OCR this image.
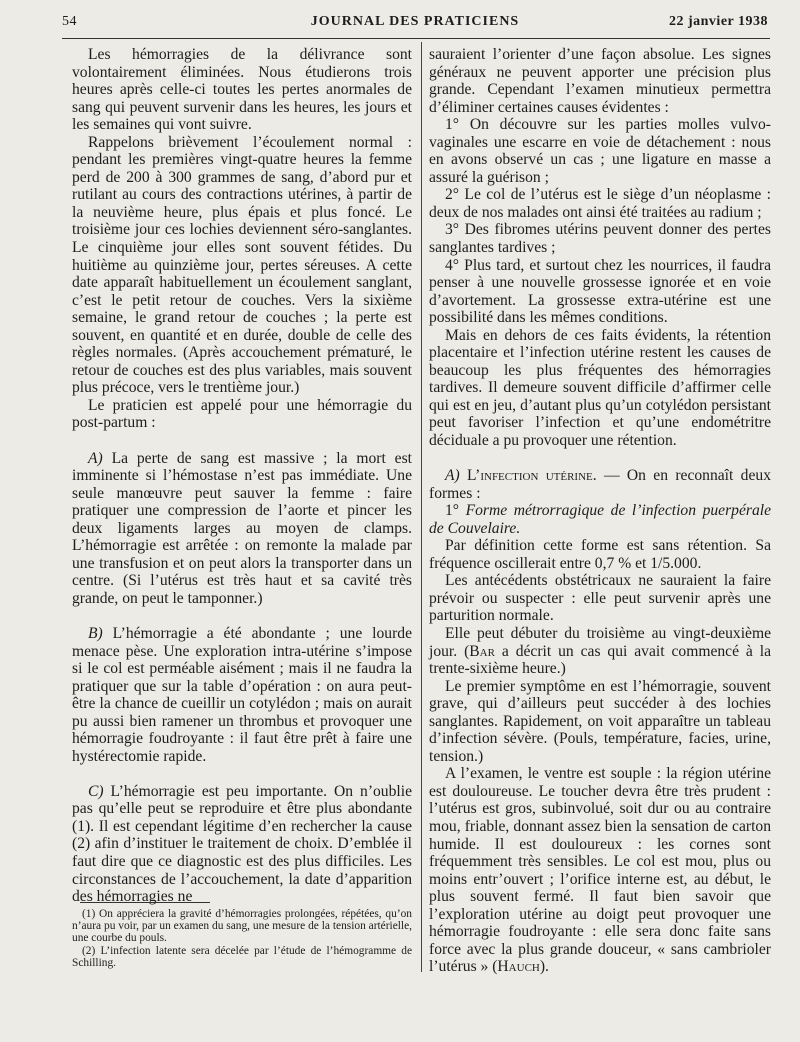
54	JOURNAL DES PRATICIENS	22 janvier 1938

Les hémorragies de la délivrance sont volontairement éliminées. Nous étudierons trois heures après celle-ci toutes les pertes anormales de sang qui peuvent survenir dans les heures, les jours et les semaines qui vont suivre.

Rappelons brièvement l’écoulement normal : pendant les premières vingt-quatre heures la femme perd de 200 à 300 grammes de sang, d’abord pur et rutilant au cours des contractions utérines, à partir de la neuvième heure, plus épais et plus foncé. Le troisième jour ces lochies deviennent séro-sanglantes. Le cinquième jour elles sont souvent fétides. Du huitième au quinzième jour, pertes séreuses. A cette date apparaît habituellement un écoulement sanglant, c’est le petit retour de couches. Vers la sixième semaine, le grand retour de couches ; la perte est souvent, en quantité et en durée, double de celle des règles normales. (Après accouchement prématuré, le retour de couches est des plus variables, mais souvent plus précoce, vers le trentième jour.)

Le praticien est appelé pour une hémorragie du post-partum :

A) La perte de sang est massive ; la mort est imminente si l’hémostase n’est pas immédiate. Une seule manœuvre peut sauver la femme : faire pratiquer une compression de l’aorte et pincer les deux ligaments larges au moyen de clamps. L’hémorragie est arrêtée : on remonte la malade par une transfusion et on peut alors la transporter dans un centre. (Si l’utérus est très haut et sa cavité très grande, on peut le tamponner.)

B) L’hémorragie a été abondante ; une lourde menace pèse. Une exploration intra-utérine s’impose si le col est perméable aisément ; mais il ne faudra la pratiquer que sur la table d’opération : on aura peut-être la chance de cueillir un cotylédon ; mais on aurait pu aussi bien ramener un thrombus et provoquer une hémorragie foudroyante : il faut être prêt à faire une hystérectomie rapide.

C) L’hémorragie est peu importante. On n’oublie pas qu’elle peut se reproduire et être plus abondante (1). Il est cependant légitime d’en rechercher la cause (2) afin d’instituer le traitement de choix. D’emblée il faut dire que ce diagnostic est des plus difficiles. Les circonstances de l’accouchement, la date d’apparition des hémorragies ne

(1) On appréciera la gravité d’hémorragies prolongées, répétées, qu’on n’aura pu voir, par un examen du sang, une mesure de la tension artérielle, une courbe du pouls.

(2) L’infection latente sera décelée par l’étude de l’hémogramme de Schilling.

sauraient l’orienter d’une façon absolue. Les signes généraux ne peuvent apporter une précision plus grande. Cependant l’examen minutieux permettra d’éliminer certaines causes évidentes :

1° On découvre sur les parties molles vulvo-vaginales une escarre en voie de détachement : nous en avons observé un cas ; une ligature en masse a assuré la guérison ;

2° Le col de l’utérus est le siège d’un néoplasme : deux de nos malades ont ainsi été traitées au radium ;

3° Des fibromes utérins peuvent donner des pertes sanglantes tardives ;

4° Plus tard, et surtout chez les nourrices, il faudra penser à une nouvelle grossesse ignorée et en voie d’avortement. La grossesse extra-utérine est une possibilité dans les mêmes conditions.

Mais en dehors de ces faits évidents, la rétention placentaire et l’infection utérine restent les causes de beaucoup les plus fréquentes des hémorragies tardives. Il demeure souvent difficile d’affirmer celle qui est en jeu, d’autant plus qu’un cotylédon persistant peut favoriser l’infection et qu’une endométritre déciduale a pu provoquer une rétention.

A) L’infection utérine. — On en reconnaît deux formes :

1° Forme métrorragique de l’infection puerpérale de Couvelaire.

Par définition cette forme est sans rétention. Sa fréquence oscillerait entre 0,7 % et 1/5.000.

Les antécédents obstétricaux ne sauraient la faire prévoir ou suspecter : elle peut survenir après une parturition normale.

Elle peut débuter du troisième au vingt-deuxième jour. (Bar a décrit un cas qui avait commencé à la trente-sixième heure.)

Le premier symptôme en est l’hémorragie, souvent grave, qui d’ailleurs peut succéder à des lochies sanglantes. Rapidement, on voit apparaître un tableau d’infection sévère. (Pouls, température, facies, urine, tension.)

A l’examen, le ventre est souple : la région utérine est douloureuse. Le toucher devra être très prudent : l’utérus est gros, subinvolué, soit dur ou au contraire mou, friable, donnant assez bien la sensation de carton humide. Il est douloureux : les cornes sont fréquemment très sensibles. Le col est mou, plus ou moins entr’ouvert ; l’orifice interne est, au début, le plus souvent fermé. Il faut bien savoir que l’exploration utérine au doigt peut provoquer une hémorragie foudroyante : elle sera donc faite sans force avec la plus grande douceur, « sans cambrioler l’utérus » (Hauch).
